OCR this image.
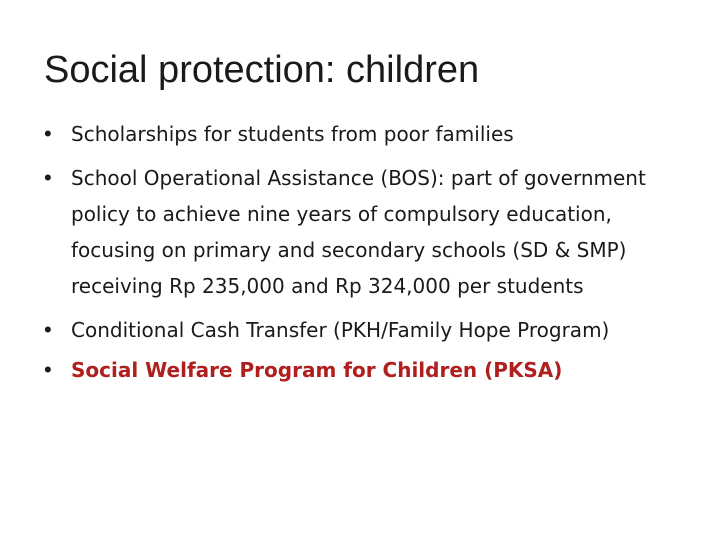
Social protection: children
• Scholarships for students from poor families
• School Operational Assistance (BOS): part of government policy to achieve nine years of compulsory education, focusing on primary and secondary schools (SD & SMP) receiving Rp 235,000 and Rp 324,000 per students
• Conditional Cash Transfer (PKH/Family Hope Program)
• Social Welfare Program for Children (PKSA)
